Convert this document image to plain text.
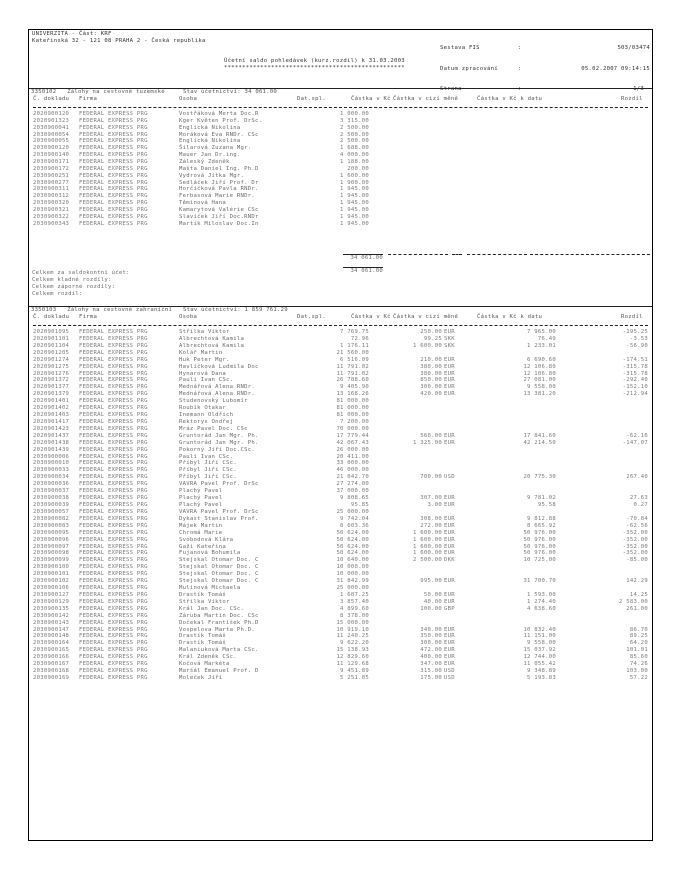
UNIVERZITA - Část: KRF
Kateřinská 32 - 121 08 PRAHA 2 - Česká republika

Sestava FIS	:	503/03474

Datum zpracování	:	05.02.2007 09:14:15

Strana	:	1/3

Účetní saldo pohledávek (kurz.rozdíl) k 31.03.2003
**************************************************
3350102 Zálohy na cestovné tuzemské	Stav účetnictví: 34 061.00
Č. dokladu Firma	Osoba	Dat.spl.	Částka v Kč Částka v cizí měně	Částka v Kč k datu	Rozdíl
2020900120 FEDERAL EXPRESS PRG	Vostřáková Merta Doc.R	1 000.00
2020901323 FEDERAL EXPRESS PRG	Kger Květen Prof. DrSc.	3 315.00
2030900041 FEDERAL EXPRESS PRG	Englická Nikolina	2 500.00
2030900054 FEDERAL EXPRESS PRG	Moráková Eva RNDr. CSc	2 500.00
2030900055 FEDERAL EXPRESS PRG	Englická Nikolina	2 500.00
2030900120 FEDERAL EXPRESS PRG	Šilarová Zuzana Mgr.	1 688.00
2030900140 FEDERAL EXPRESS PRG	Mauer Jan Dr.ing.	4 000.00
2030900171 FEDERAL EXPRESS PRG	Záleský Zdeněk	1 188.00
2030900172 FEDERAL EXPRESS PRG	Mašta Daniel Ing. Ph.D	200.00
2030900251 FEDERAL EXPRESS PRG	Vydrová Jitka Mgr.	1 600.00
2030900277 FEDERAL EXPRESS PRG	Sedláček Jiří Prof. Dr	1 900.00
2030900311 FEDERAL EXPRESS PRG	Horčičková Pavla RNDr.	1 945.00
2030900312 FEDERAL EXPRESS PRG	Ferbasová Marie RNDr.	1 945.00
2030900320 FEDERAL EXPRESS PRG	Těminová Hana	1 945.00
2030900321 FEDERAL EXPRESS PRG	Kamarytová Valérie CSc	1 945.00
2030900322 FEDERAL EXPRESS PRG	Slavíček Jiří Doc.RNDr	1 945.00
2030900343 FEDERAL EXPRESS PRG	Martík Miloslav Doc.In	1 945.00
34 061.00
34 061.00
Celkem za saldokontní účet:
Celkem kladné rozdíly:
Celkem záporné rozdíly:
Celkem rozdíl:
3350103 Zálohy na cestovné zahraniční Stav účetnictví: 1 859 761.29
Č. dokladu Firma	Osoba	Dat.spl.	Částka v Kč Částka v cizí měně	Částka v Kč k datu	Rozdíl
2020901095 FEDERAL EXPRESS PRG	Střílka Viktor	7 769.75	250.00 EUR	7 965.00	-195.25
2020901101 FEDERAL EXPRESS PRG	Albrechtová Kamila	72.96	99.25 SKK	76.49	-3.53
2020901104 FEDERAL EXPRESS PRG	Albrechtová Kamila	1 176.11	1 600.00 SKK	1 233.01	-56.90
2020901205 FEDERAL EXPRESS PRG	Kolář Martin	21 560.00
2020901274 FEDERAL EXPRESS PRG	Huk Peter Mgr.	6 516.09	210.00 EUR	6 690.60	-174.51
2020901275 FEDERAL EXPRESS PRG	Havlíčková Ludmila Doc	11 791.02	380.00 EUR	12 106.80	-315.78
2020901276 FEDERAL EXPRESS PRG	Hynarová Dana	11 791.02	380.00 EUR	12 106.80	-315.78
2020901372 FEDERAL EXPRESS PRG	Pauli Ivan CSc.	26 788.60	850.00 EUR	27 081.00	-292.40
2020901377 FEDERAL EXPRESS PRG	Mednářová Alena RNDr.	9 405.90	300.00 EUR	9 558.00	-152.10
2020901379 FEDERAL EXPRESS PRG	Mednářová Alena RNDr.	13 168.26	420.00 EUR	13 381.20	-212.94
2020901401 FEDERAL EXPRESS PRG	Studenovský Lubomír	81 000.00
2020901402 FEDERAL EXPRESS PRG	Roubík Otakar	81 000.00
2020901403 FEDERAL EXPRESS PRG	Inemann Oldřich	81 000.00
2020901417 FEDERAL EXPRESS PRG	Rektorys Ondřej	7 200.00
2020901423 FEDERAL EXPRESS PRG	Mráz Pavel Doc. CSc	70 000.00
2020901437 FEDERAL EXPRESS PRG	Gruntorád Jan Mgr. Ph.	17 779.44	560.00 EUR	17 841.60	-62.16
2020901438 FEDERAL EXPRESS PRG	Gruntorád Jan Mgr. Ph.	42 067.43	1 325.00 EUR	42 214.50	-147.07
2020901439 FEDERAL EXPRESS PRG	Pokorný Jiří Doc.CSc.	26 000.00
2030900006 FEDERAL EXPRESS PRG	Pauli Ivan CSc.	20 411.00
2030900010 FEDERAL EXPRESS PRG	Příbyl Jiří CSc.	33 000.00
2030900033 FEDERAL EXPRESS PRG	Příbyl Jiří CSc.	46 000.00
2030900034 FEDERAL EXPRESS PRG	Příbyl Jiří CSc.	21 042.70	700.00 USD	20 775.30	267.40
2030900036 FEDERAL EXPRESS PRG	VAVRA Pavel Prof. DrSc	27 274.00
2030900037 FEDERAL EXPRESS PRG	Plachý Pavel	37 000.00
2030900038 FEDERAL EXPRESS PRG	Plachý Pavel	9 808.65	307.00 EUR	9 781.02	27.63
2030900039 FEDERAL EXPRESS PRG	Plachý Pavel	95.85	3.00 EUR	95.58	0.27
2030900057 FEDERAL EXPRESS PRG	VAVRA Pavel Prof. DrSc	25 000.00
2030900082 FEDERAL EXPRESS PRG	Dykast Stanislav Prof.	9 742.04	308.00 EUR	9 812.88	-70.84
2030900083 FEDERAL EXPRESS PRG	Májek Martin	8 603.36	272.00 EUR	8 665.92	-62.56
2030900095 FEDERAL EXPRESS PRG	Chromá Marie	50 624.00	1 600.00 EUR	50 976.00	-352.00
2030900096 FEDERAL EXPRESS PRG	Svobodová Klára	50 624.00	1 600.00 EUR	50 976.00	-352.00
2030900097 FEDERAL EXPRESS PRG	Gaži Kateřina	50 624.00	1 600.00 EUR	50 976.00	-352.00
2030900098 FEDERAL EXPRESS PRG	Fujanová Bohumila	50 624.00	1 600.00 EUR	50 976.00	-352.00
2030900099 FEDERAL EXPRESS PRG	Stejskal Otomar Doc. C	10 640.00	2 500.00 DKK	10 725.00	-85.00
2030900100 FEDERAL EXPRESS PRG	Stejskal Otomar Doc. C	10 000.00
2030900101 FEDERAL EXPRESS PRG	Stejskal Otomar Doc. C	10 000.00
2030900102 FEDERAL EXPRESS PRG	Stejskal Otomar Doc. C	31 842.99	995.00 EUR	31 700.70	142.29
2030900106 FEDERAL EXPRESS PRG	Mulinová Michaela	25 000.00
2030900127 FEDERAL EXPRESS PRG	Drastík Tomáš	1 607.25	50.00 EUR	1 593.00	14.25
2030900129 FEDERAL EXPRESS PRG	Střílka Viktor	3 857.40	40.00 EUR	1 274.40	2 583.00
2030900135 FEDERAL EXPRESS PRG	Král Jan Doc. CSc.	4 899.60	100.00 GBP	4 638.60	261.00
2030900142 FEDERAL EXPRESS PRG	Záruba Martin Doc. CSc	8 378.00
2030900143 FEDERAL EXPRESS PRG	Dočekal František Ph.D	15 000.00
2030900147 FEDERAL EXPRESS PRG	Vospelova Marta Ph.D.	10 919.10	340.00 EUR	10 832.40	86.70
2030900148 FEDERAL EXPRESS PRG	Drastík Tomáš	11 240.25	350.00 EUR	11 151.00	89.25
2030900164 FEDERAL EXPRESS PRG	Drastík Tomáš	9 622.20	300.00 EUR	9 558.00	64.20
2030900165 FEDERAL EXPRESS PRG	Malaniuková Marta CSc.	15 138.93	472.00 EUR	15 037.92	101.01
2030900166 FEDERAL EXPRESS PRG	Král Zdeněk CSc.	12 829.60	400.00 EUR	12 744.00	85.60
2030900167 FEDERAL EXPRESS PRG	Kočová Markéta	11 129.68	347.00 EUR	11 055.42	74.26
2030900168 FEDERAL EXPRESS PRG	Maršál Emanuel Prof. D	9 451.89	315.00 USD	9 348.89	103.00
2030900169 FEDERAL EXPRESS PRG	Moleček Jiří	5 251.05	175.00 USD	5 193.83	57.22
